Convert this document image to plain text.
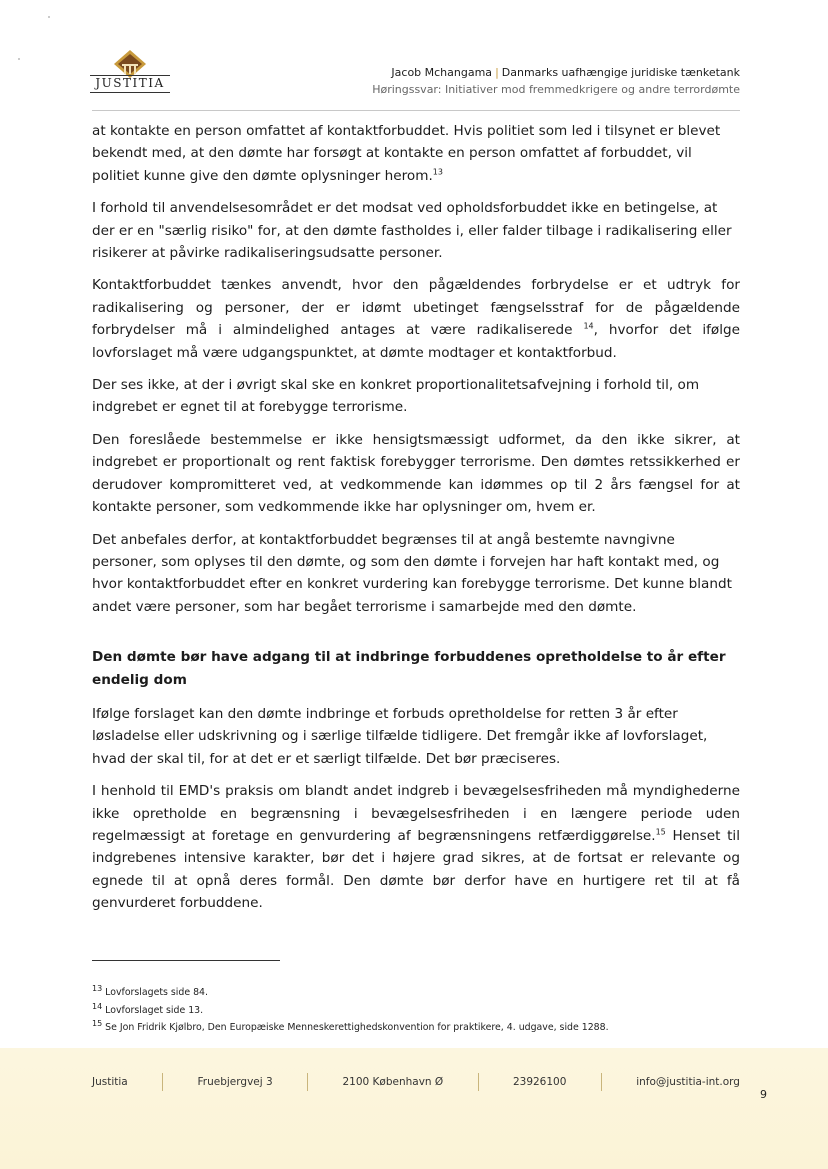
JUSTITIA
Jacob Mchangama | Danmarks uafhængige juridiske tænketank
Høringssvar: Initiativer mod fremmedkrigere og andre terrordømte

at kontakte en person omfattet af kontaktforbuddet. Hvis politiet som led i tilsynet er blevet bekendt med, at den dømte har forsøgt at kontakte en person omfattet af forbuddet, vil politiet kunne give den dømte oplysninger herom.$^{13}$

I forhold til anvendelsesområdet er det modsat ved opholdsforbuddet ikke en betingelse, at der er en "særlig risiko" for, at den dømte fastholdes i, eller falder tilbage i radikalisering eller risikerer at påvirke radikaliseringsudsatte personer.

Kontaktforbuddet tænkes anvendt, hvor den pågældendes forbrydelse er et udtryk for radikalisering og personer, der er idømt ubetinget fængselsstraf for de pågældende forbrydelser må i almindelighed antages at være radikaliserede $^{14}$, hvorfor det ifølge lovforslaget må være udgangspunktet, at dømte modtager et kontaktforbud.

Der ses ikke, at der i øvrigt skal ske en konkret proportionalitetsafvejning i forhold til, om indgrebet er egnet til at forebygge terrorisme.

Den foreslåede bestemmelse er ikke hensigtsmæssigt udformet, da den ikke sikrer, at indgrebet er proportionalt og rent faktisk forebygger terrorisme. Den dømtes retssikkerhed er derudover kompromitteret ved, at vedkommende kan idømmes op til 2 års fængsel for at kontakte personer, som vedkommende ikke har oplysninger om, hvem er.

Det anbefales derfor, at kontaktforbuddet begrænses til at angå bestemte navngivne personer, som oplyses til den dømte, og som den dømte i forvejen har haft kontakt med, og hvor kontaktforbuddet efter en konkret vurdering kan forebygge terrorisme. Det kunne blandt andet være personer, som har begået terrorisme i samarbejde med den dømte.

Den dømte bør have adgang til at indbringe forbuddenes opretholdelse to år efter endelig dom

Ifølge forslaget kan den dømte indbringe et forbuds opretholdelse for retten 3 år efter løsladelse eller udskrivning og i særlige tilfælde tidligere. Det fremgår ikke af lovforslaget, hvad der skal til, for at det er et særligt tilfælde. Det bør præciseres.

I henhold til EMD's praksis om blandt andet indgreb i bevægelsesfriheden må myndighederne ikke opretholde en begrænsning i bevægelsesfriheden i en længere periode uden regelmæssigt at foretage en genvurdering af begrænsningens retfærdiggørelse.$^{15}$ Henset til indgrebenes intensive karakter, bør det i højere grad sikres, at de fortsat er relevante og egnede til at opnå deres formål. Den dømte bør derfor have en hurtigere ret til at få genvurderet forbuddene.

$^{13}$ Lovforslagets side 84.
$^{14}$ Lovforslaget side 13.
$^{15}$ Se Jon Fridrik Kjølbro, Den Europæiske Menneskerettighedskonvention for praktikere, 4. udgave, side 1288.
Justitia	Fruebjergvej 3	2100 København Ø	23926100	info@justitia-int.org
9
